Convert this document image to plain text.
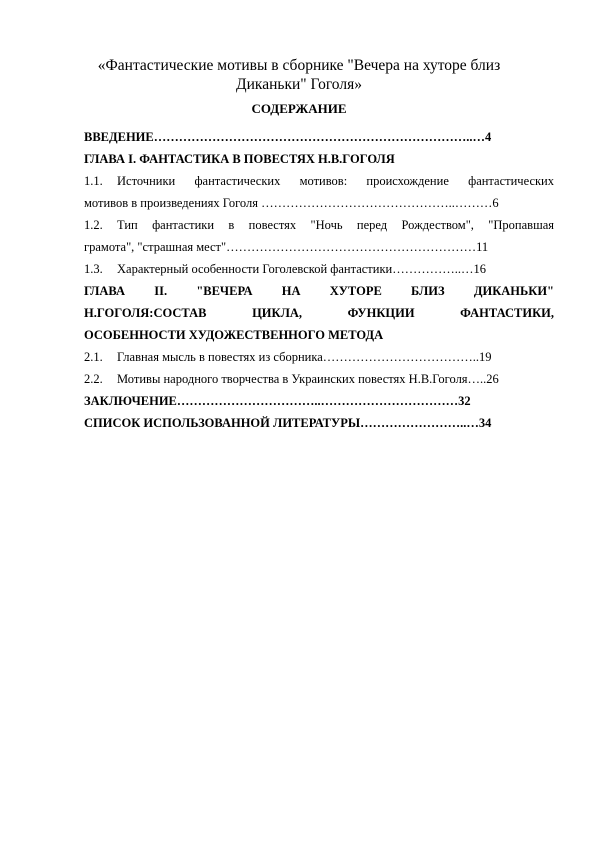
«Фантастические мотивы в сборнике "Вечера на хуторе близ
Диканьки" Гоголя»
СОДЕРЖАНИЕ
ВВЕДЕНИЕ…………………………………………………………………..…4
ГЛАВА I. ФАНТАСТИКА В ПОВЕСТЯХ Н.В.ГОГОЛЯ
1.1. Источники фантастических мотивов: происхождение фантастических
мотивов в произведениях Гоголя ………………………………………..………6
1.2. Тип фантастики в повестях "Ночь перед Рождеством", "Пропавшая
грамота", "страшная мест"……………………………………………………11
1.3. Характерный особенности Гоголевской фантастики……………..…16
ГЛАВА II. "ВЕЧЕРА НА ХУТОРЕ БЛИЗ ДИКАНЬКИ"
Н.ГОГОЛЯ:СОСТАВ ЦИКЛА, ФУНКЦИИ ФАНТАСТИКИ,
ОСОБЕННОСТИ ХУДОЖЕСТВЕННОГО МЕТОДА
2.1. Главная мысль в повестях из сборника………………………………..19
2.2. Мотивы народного творчества в Украинских повестях Н.В.Гоголя…..26
ЗАКЛЮЧЕНИЕ……………………………..……………………………32
СПИСОК ИСПОЛЬЗОВАННОЙ ЛИТЕРАТУРЫ……………………..…34
